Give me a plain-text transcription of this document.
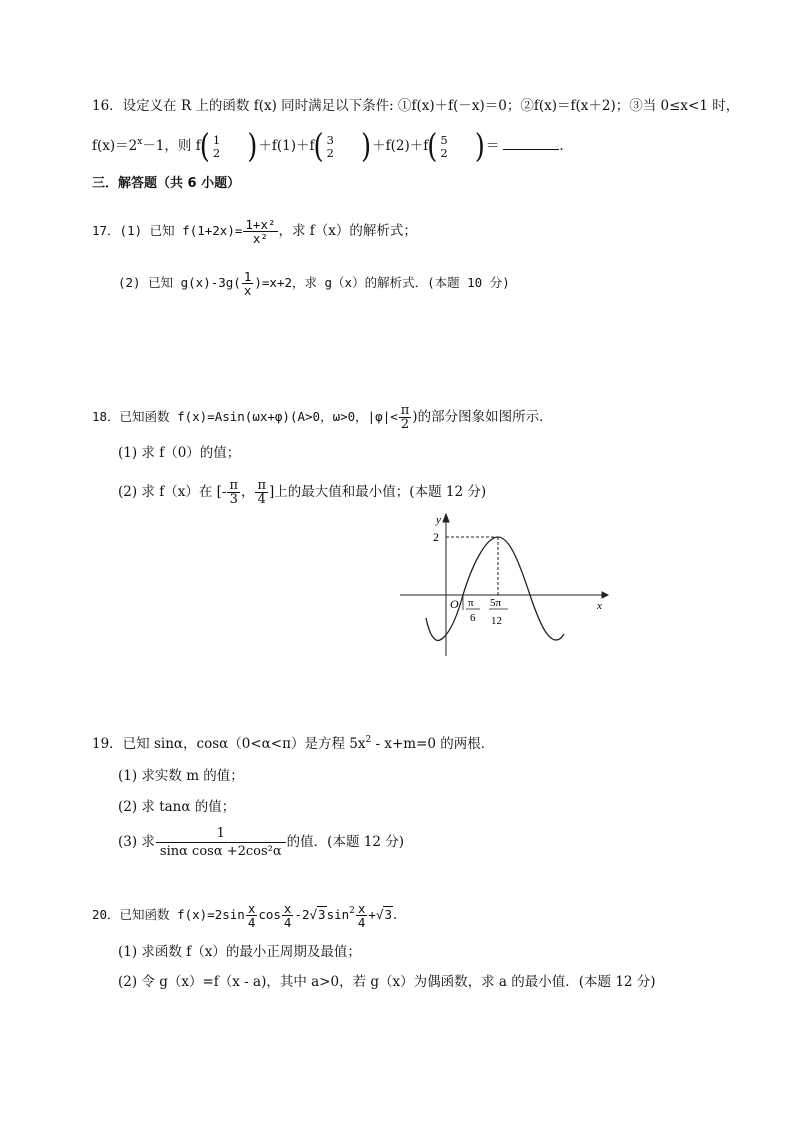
16．设定义在 R 上的函数 f(x) 同时满足以下条件: ①f(x)＋f(－x)＝0；②f(x)＝f(x＋2)；③当 0≤x<1 时，
$f(x)=2^x-1$，则 f( 1
2 )＋f(1)＋f( 3
2 )＋f(2)＋f( 5
2 )＝	.
三．解答题（共 6 小题）
17．(1) 已知 $f(1+2x)= \frac{\text{1+x²}}{\text{x²}}$ ，求 f（x）的解析式；
(2) 已知 $g(x)-3g( \frac{1}{x} )=x+2$，求 g（x）的解析式．(本题 10 分)
18．已知函数 f(x)=Asin(ωx+φ)(A>0，ω>0，$|\varphi|< \frac{\pi}{2}$ )的部分图象如图所示．
(1) 求 f（0）的值；
(2) 求 f（x）在 [- $\frac{\pi}{3}$ ， $\frac{\pi}{4}$ ]上的最大值和最小值；(本题 12 分)
y
x
O
2
π
6
5π
12
19．已知 sinα，cosα（0<α<π）是方程 $5x^2 - x+m=0$ 的两根．
(1) 求实数 m 的值；
(2) 求 tanα 的值；
(3) 求 $\frac{1}{\text{sinα cosα +2cos²α}}$ 的值．(本题 12 分)
20．已知函数 $f(x)=2\sin \frac{x}{4}$ $\cos \frac{x}{4} -2√3\sin^2 \frac{x}{4} +√3$．
(1) 求函数 f（x）的最小正周期及最值；
(2) 令 g（x）=f（x - a)，其中 a>0，若 g（x）为偶函数，求 a 的最小值．(本题 12 分)
